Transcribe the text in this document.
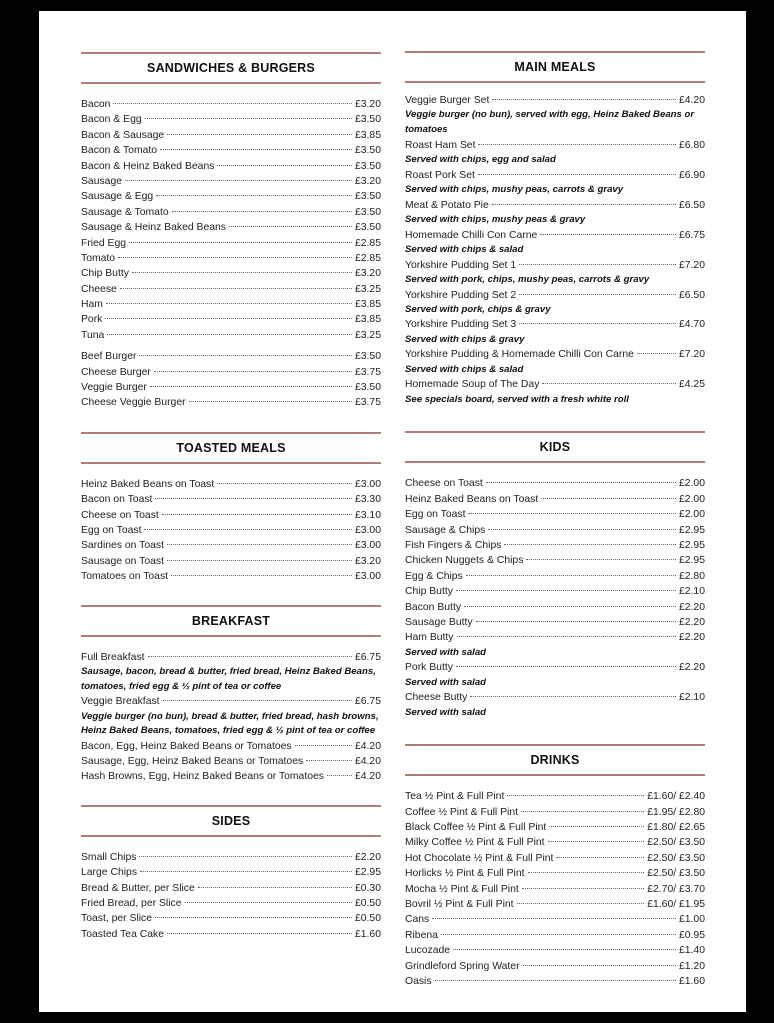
SANDWICHES & BURGERS
Bacon	£3.20
Bacon & Egg	£3.50
Bacon & Sausage	£3.85
Bacon & Tomato	£3.50
Bacon & Heinz Baked Beans	£3.50
Sausage	£3.20
Sausage & Egg	£3.50
Sausage & Tomato	£3.50
Sausage & Heinz Baked Beans	£3.50
Fried Egg	£2.85
Tomato	£2.85
Chip Butty	£3.20
Cheese	£3.25
Ham	£3.85
Pork	£3.85
Tuna	£3.25
Beef Burger	£3.50
Cheese Burger	£3.75
Veggie Burger	£3.50
Cheese Veggie Burger	£3.75
TOASTED MEALS
Heinz Baked Beans on Toast	£3.00
Bacon on Toast	£3.30
Cheese on Toast	£3.10
Egg on Toast	£3.00
Sardines on Toast	£3.00
Sausage on Toast	£3.20
Tomatoes on Toast	£3.00
BREAKFAST
Full Breakfast	£6.75
Sausage, bacon, bread & butter, fried bread, Heinz Baked Beans, tomatoes, fried egg & ½ pint of tea or coffee
Veggie Breakfast	£6.75
Veggie burger (no bun), bread & butter, fried bread, hash browns, Heinz Baked Beans, tomatoes, fried egg & ½ pint of tea or coffee
Bacon, Egg, Heinz Baked Beans or Tomatoes	£4.20
Sausage, Egg, Heinz Baked Beans or Tomatoes	£4.20
Hash Browns, Egg, Heinz Baked Beans or Tomatoes	£4.20
SIDES
Small Chips	£2.20
Large Chips	£2.95
Bread & Butter, per Slice	£0.30
Fried Bread, per Slice	£0.50
Toast, per Slice	£0.50
Toasted Tea Cake	£1.60
MAIN MEALS
Veggie Burger Set	£4.20
Veggie burger (no bun), served with egg, Heinz Baked Beans or tomatoes
Roast Ham Set	£6.80
Served with chips, egg and salad
Roast Pork Set	£6.90
Served with chips, mushy peas, carrots & gravy
Meat & Potato Pie	£6.50
Served with chips, mushy peas & gravy
Homemade Chilli Con Carne	£6.75
Served with chips & salad
Yorkshire Pudding Set 1	£7.20
Served with pork, chips, mushy peas, carrots & gravy
Yorkshire Pudding Set 2	£6.50
Served with pork, chips & gravy
Yorkshire Pudding Set 3	£4.70
Served with chips & gravy
Yorkshire Pudding & Homemade Chilli Con Carne	£7.20
Served with chips & salad
Homemade Soup of The Day	£4.25
See specials board, served with a fresh white roll
KIDS
Cheese on Toast	£2.00
Heinz Baked Beans on Toast	£2.00
Egg on Toast	£2.00
Sausage & Chips	£2.95
Fish Fingers & Chips	£2.95
Chicken Nuggets & Chips	£2.95
Egg & Chips	£2.80
Chip Butty	£2.10
Bacon Butty	£2.20
Sausage Butty	£2.20
Ham Butty	£2.20
Served with salad
Pork Butty	£2.20
Served with salad
Cheese Butty	£2.10
Served with salad
DRINKS
Tea ½ Pint & Full Pint	£1.60/ £2.40
Coffee ½ Pint & Full Pint	£1.95/ £2.80
Black Coffee ½ Pint & Full Pint	£1.80/ £2.65
Milky Coffee ½ Pint & Full Pint	£2.50/ £3.50
Hot Chocolate ½ Pint & Full Pint	£2.50/ £3.50
Horlicks ½ Pint & Full Pint	£2.50/ £3.50
Mocha ½ Pint & Full Pint	£2.70/ £3.70
Bovril ½ Pint & Full Pint	£1.60/ £1.95
Cans	£1.00
Ribena	£0.95
Lucozade	£1.40
Grindleford Spring Water	£1.20
Oasis	£1.60
